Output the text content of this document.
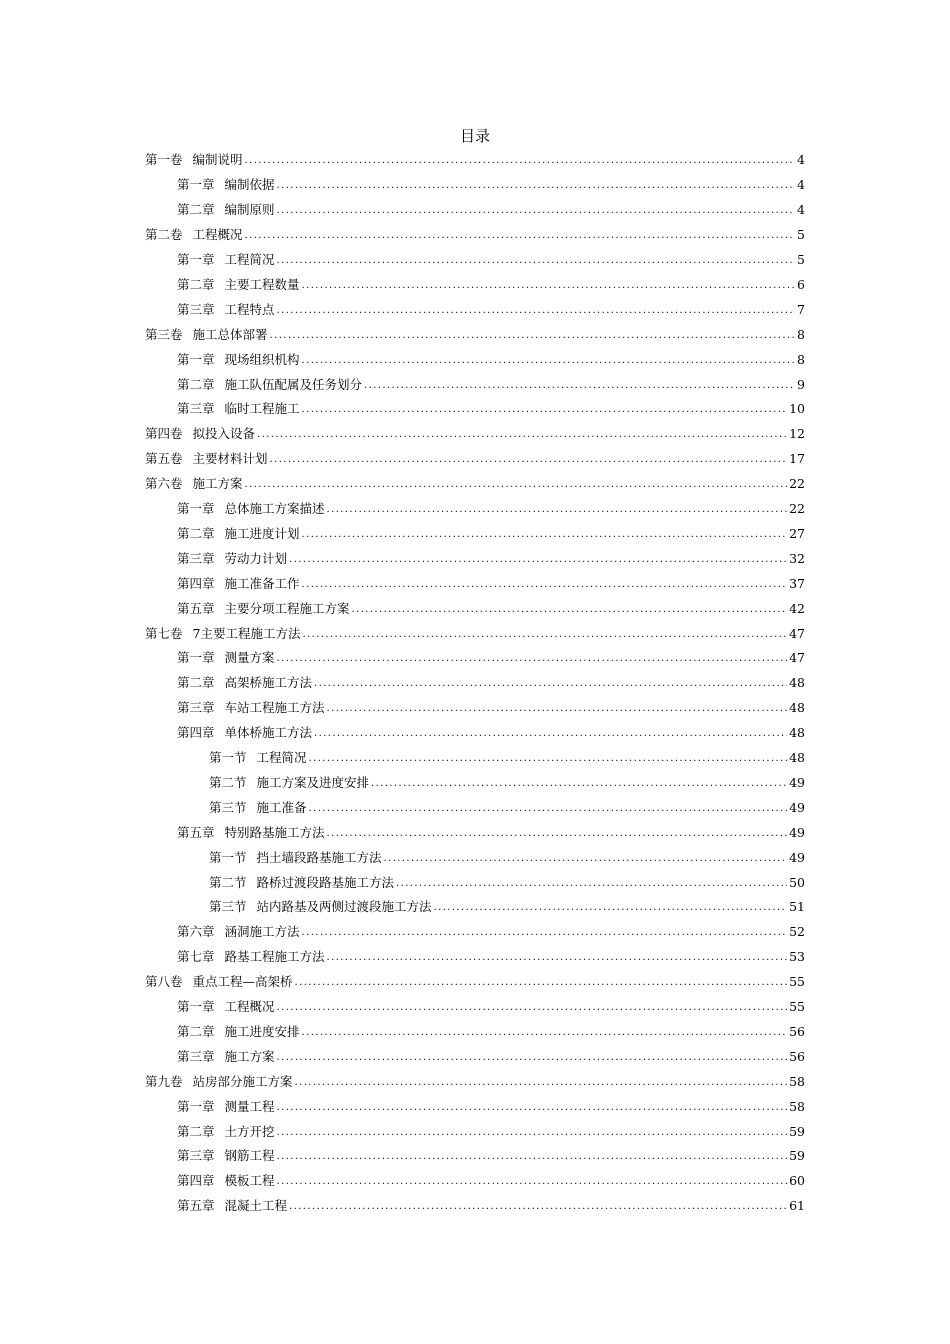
目录
第一卷 编制说明 .....	4
第一章 编制依据 .....	4
第二章 编制原则 .....	4
第二卷 工程概况 .....	5
第一章 工程简况 .....	5
第二章 主要工程数量 .....	6
第三章 工程特点 .....	7
第三卷 施工总体部署 .....	8
第一章 现场组织机构 .....	8
第二章 施工队伍配属及任务划分 .....	9
第三章 临时工程施工 .....	10
第四卷 拟投入设备 .....	12
第五卷 主要材料计划 .....	17
第六卷 施工方案 .....	22
第一章 总体施工方案描述 .....	22
第二章 施工进度计划 .....	27
第三章 劳动力计划 .....	32
第四章 施工准备工作 .....	37
第五章 主要分项工程施工方案 .....	42
第七卷 7主要工程施工方法 .....	47
第一章 测量方案 .....	47
第二章 高架桥施工方法 .....	48
第三章 车站工程施工方法 .....	48
第四章 单体桥施工方法 .....	48
第一节 工程简况 .....	48
第二节 施工方案及进度安排 .....	49
第三节 施工准备 .....	49
第五章 特别路基施工方法 .....	49
第一节 挡土墙段路基施工方法 .....	49
第二节 路桥过渡段路基施工方法 .....	50
第三节 站内路基及两侧过渡段施工方法 .....	51
第六章 涵洞施工方法 .....	52
第七章 路基工程施工方法 .....	53
第八卷 重点工程—高架桥 .....	55
第一章 工程概况 .....	55
第二章 施工进度安排 .....	56
第三章 施工方案 .....	56
第九卷 站房部分施工方案 .....	58
第一章 测量工程 .....	58
第二章 土方开挖 .....	59
第三章 钢筋工程 .....	59
第四章 模板工程 .....	60
第五章 混凝土工程 .....	61
